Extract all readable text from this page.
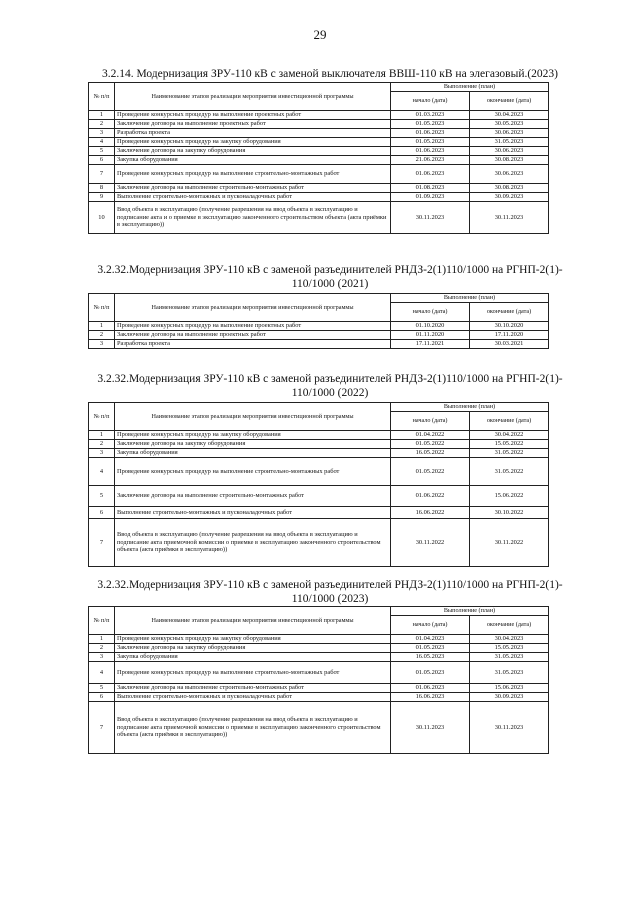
29
3.2.14. Модернизация ЗРУ-110 кВ с заменой выключателя ВВШ-110 кВ на элегазовый.(2023)
№ п/п	Наименование этапов реализации мероприятия инвестиционной программы	Выполнение (план)	
		начало (дата)	окончание (дата)
1	Проведение конкурсных процедур на выполнение проектных работ	01.03.2023	30.04.2023
2	Заключение договора на выполнение проектных работ	01.05.2023	30.05.2023
3	Разработка проекта	01.06.2023	30.06.2023
4	Проведение конкурсных процедур на закупку оборудования	01.05.2023	31.05.2023
5	Заключение договора на закупку оборудования	01.06.2023	30.06.2023
6	Закупка оборудования	21.06.2023	30.08.2023
7	Проведение конкурсных процедур на выполнение строительно-монтажных работ	01.06.2023	30.06.2023
8	Заключение договора на выполнение строительно-монтажных работ	01.08.2023	30.08.2023
9	Выполнение строительно-монтажных и пусконаладочных работ	01.09.2023	30.09.2023
10	Ввод объекта в эксплуатацию (получение разрешения на ввод объекта в эксплуатацию и подписание акта и о приемке в эксплуатацию законченного строительством объекта (акта приёмки в эксплуатацию))	30.11.2023	30.11.2023
3.2.32.Модернизация ЗРУ-110 кВ с заменой разъединителей РНДЗ-2(1)110/1000 на РГНП-2(1)-
110/1000 (2021)
№ п/п	Наименование этапов реализации мероприятия инвестиционной программы	Выполнение (план)	
		начало (дата)	окончание (дата)
1	Проведение конкурсных процедур на выполнение проектных работ	01.10.2020	30.10.2020
2	Заключение договора на выполнение проектных работ	01.11.2020	17.11.2020
3	Разработка проекта	17.11.2021	30.03.2021
3.2.32.Модернизация ЗРУ-110 кВ с заменой разъединителей РНДЗ-2(1)110/1000 на РГНП-2(1)-
110/1000 (2022)
№ п/п	Наименование этапов реализации мероприятия инвестиционной программы	Выполнение (план)	
		начало (дата)	окончание (дата)
1	Проведение конкурсных процедур на закупку оборудования	01.04.2022	30.04.2022
2	Заключение договора на закупку оборудования	01.05.2022	15.05.2022
3	Закупка оборудования	16.05.2022	31.05.2022
4	Проведение конкурсных процедур на выполнение строительно-монтажных работ	01.05.2022	31.05.2022
5	Заключение договора на выполнение строительно-монтажных работ	01.06.2022	15.06.2022
6	Выполнение строительно-монтажных и пусконаладочных работ	16.06.2022	30.10.2022
7	Ввод объекта в эксплуатацию (получение разрешения на ввод объекта в эксплуатацию и подписание акта приемочной комиссии о приемке в эксплуатацию законченного строительством объекта (акта приёмки в эксплуатацию))	30.11.2022	30.11.2022
3.2.32.Модернизация ЗРУ-110 кВ с заменой разъединителей РНДЗ-2(1)110/1000 на РГНП-2(1)-
110/1000 (2023)
№ п/п	Наименование этапов реализации мероприятия инвестиционной программы	Выполнение (план)	
		начало (дата)	окончание (дата)
1	Проведение конкурсных процедур на закупку оборудования	01.04.2023	30.04.2023
2	Заключение договора на закупку оборудования	01.05.2023	15.05.2023
3	Закупка оборудования	16.05.2023	31.05.2023
4	Проведение конкурсных процедур на выполнение строительно-монтажных работ	01.05.2023	31.05.2023
5	Заключение договора на выполнение строительно-монтажных работ	01.06.2023	15.06.2023
6	Выполнение строительно-монтажных и пусконаладочных работ	16.06.2023	30.09.2023
7	Ввод объекта в эксплуатацию (получение разрешения на ввод объекта в эксплуатацию и подписание акта приемочной комиссии о приемке в эксплуатацию законченного строительством объекта (акта приёмки в эксплуатацию))	30.11.2023	30.11.2023
